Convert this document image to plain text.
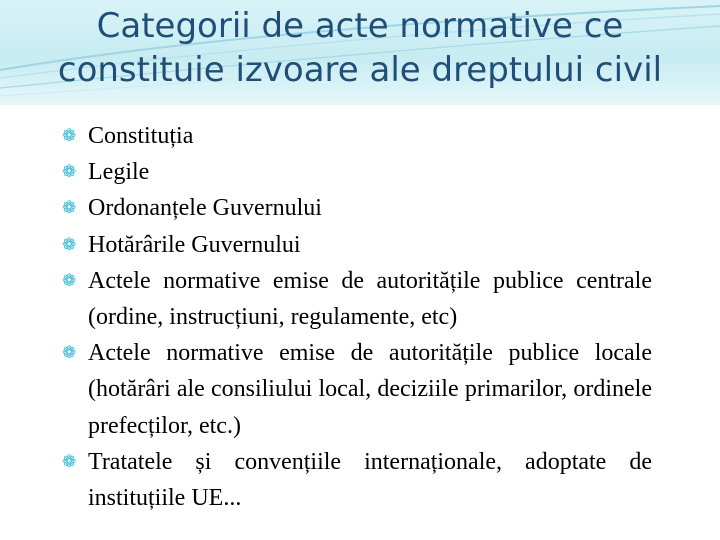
Categorii de acte normative ce
constituie izvoare ale dreptului civil
❁ Constituția
❁ Legile
❁ Ordonanțele Guvernului
❁ Hotărârile Guvernului
❁ Actele normative emise de autoritățile publice centrale (ordine, instrucțiuni, regulamente, etc)
❁ Actele normative emise de autoritățile publice locale (hotărâri ale consiliului local, deciziile primarilor, ordinele prefecților, etc.)
❁ Tratatele și convențiile internaționale, adoptate de instituțiile UE...
